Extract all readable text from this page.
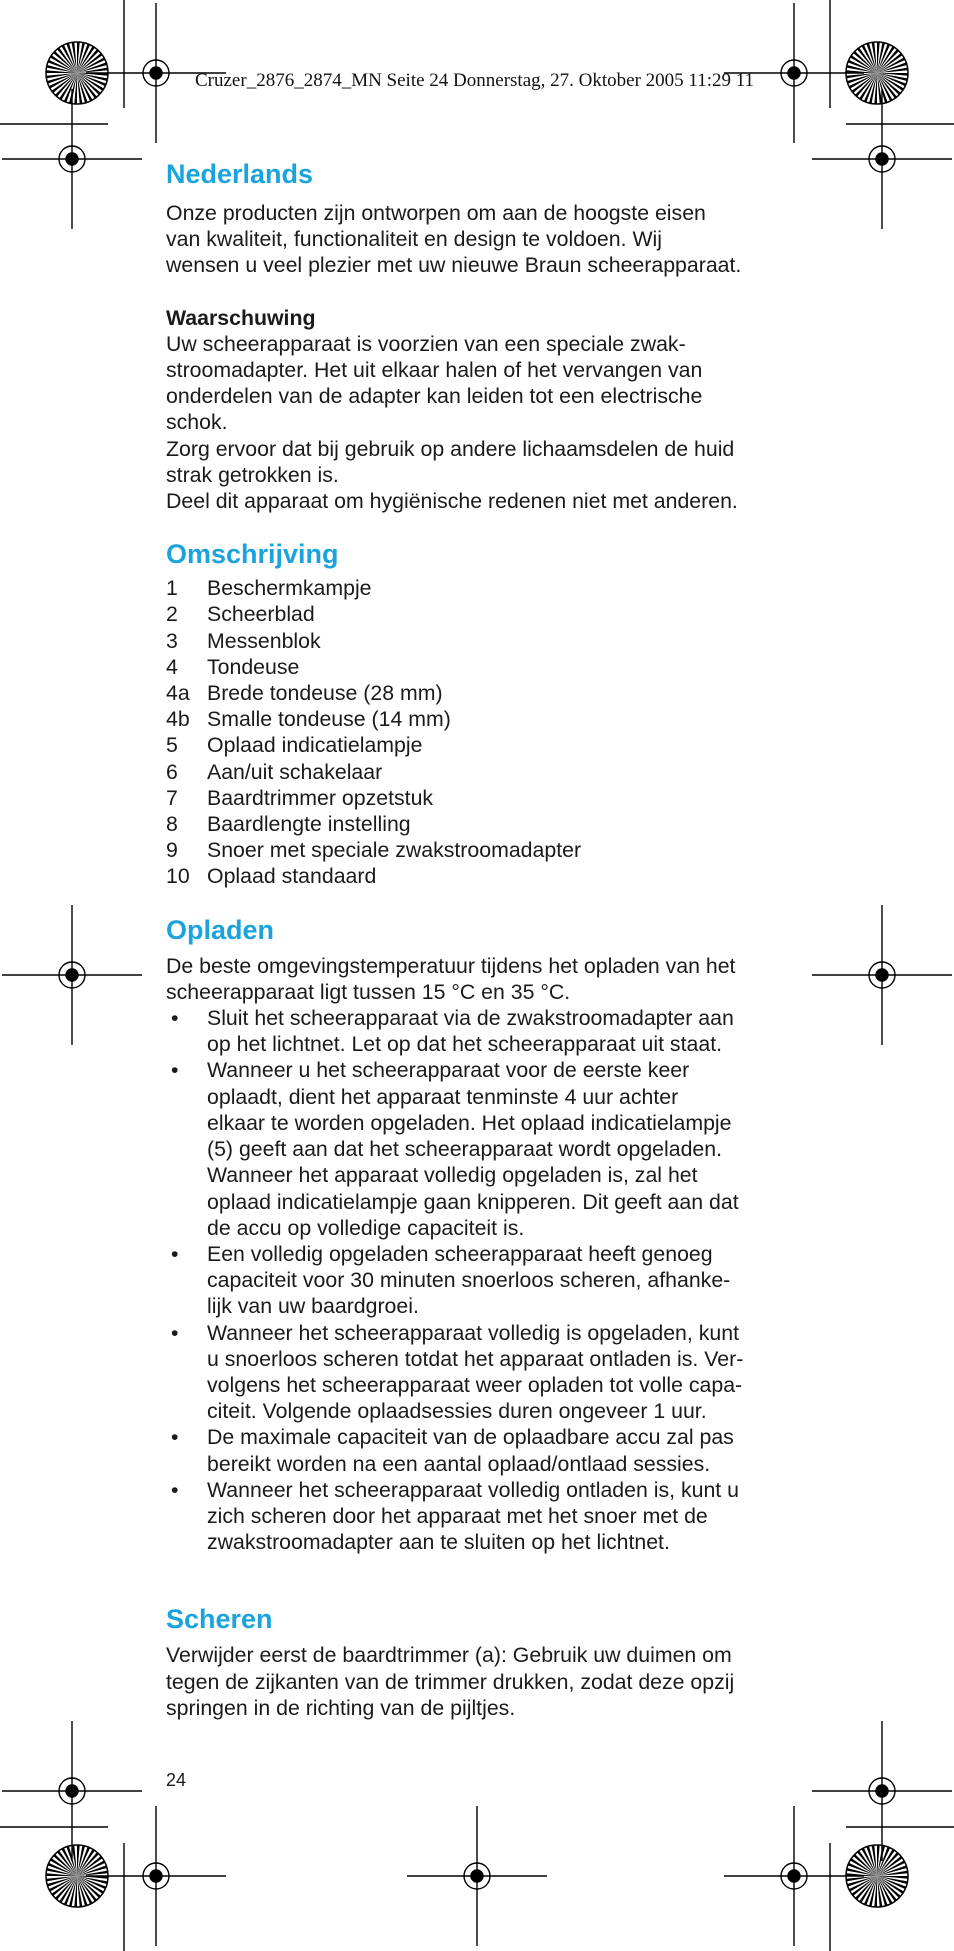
Cruzer_2876_2874_MN Seite 24 Donnerstag, 27. Oktober 2005 11:29 11
Nederlands

Onze producten zijn ontworpen om aan de hoogste eisen

van kwaliteit, functionaliteit en design te voldoen. Wij

wensen u veel plezier met uw nieuwe Braun scheerapparaat.

Waarschuwing

Uw scheerapparaat is voorzien van een speciale zwak-

stroomadapter. Het uit elkaar halen of het vervangen van

onderdelen van de adapter kan leiden tot een electrische

schok.

Zorg ervoor dat bij gebruik op andere lichaamsdelen de huid

strak getrokken is.

Deel dit apparaat om hygiënische redenen niet met anderen.

Omschrijving
1	Beschermkampje
2	Scheerblad
3	Messenblok
4	Tondeuse
4a Brede tondeuse (28 mm)
4b Smalle tondeuse (14 mm)
5	Oplaad indicatielampje
6	Aan/uit schakelaar
7	Baardtrimmer opzetstuk
8	Baardlengte instelling
9	Snoer met speciale zwakstroomadapter
10 Oplaad standaard
Opladen

De beste omgevingstemperatuur tijdens het opladen van het

scheerapparaat ligt tussen 15 °C en 35 °C.

•	Sluit het scheerapparaat via de zwakstroomadapter aan
op het lichtnet. Let op dat het scheerapparaat uit staat.
•	Wanneer u het scheerapparaat voor de eerste keer
oplaadt, dient het apparaat tenminste 4 uur achter
elkaar te worden opgeladen. Het oplaad indicatielampje
(5) geeft aan dat het scheerapparaat wordt opgeladen.
Wanneer het apparaat volledig opgeladen is, zal het
oplaad indicatielampje gaan knipperen. Dit geeft aan dat
de accu op volledige capaciteit is.
•	Een volledig opgeladen scheerapparaat heeft genoeg
capaciteit voor 30 minuten snoerloos scheren, afhanke-
lijk van uw baardgroei.
•	Wanneer het scheerapparaat volledig is opgeladen, kunt
u snoerloos scheren totdat het apparaat ontladen is. Ver-
volgens het scheerapparaat weer opladen tot volle capa-
citeit. Volgende oplaadsessies duren ongeveer 1 uur.
•	De maximale capaciteit van de oplaadbare accu zal pas
bereikt worden na een aantal oplaad/ontlaad sessies.
•	Wanneer het scheerapparaat volledig ontladen is, kunt u
zich scheren door het apparaat met het snoer met de
zwakstroomadapter aan te sluiten op het lichtnet.
Scheren

Verwijder eerst de baardtrimmer (a): Gebruik uw duimen om

tegen de zijkanten van de trimmer drukken, zodat deze opzij

springen in de richting van de pijltjes.

24
